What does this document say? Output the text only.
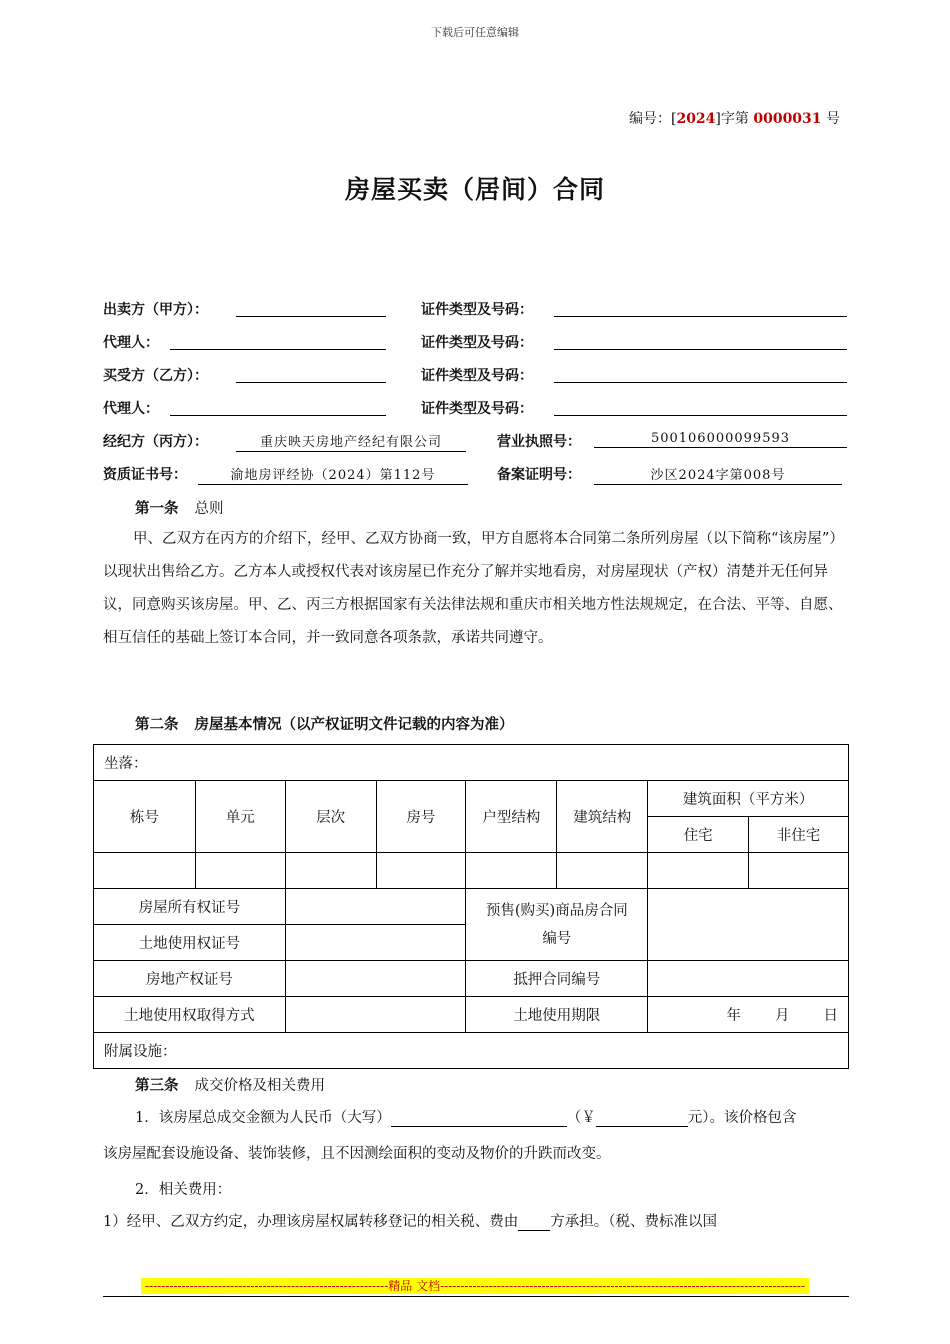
下载后可任意编辑
编号：[2024]字第 0000031 号
房屋买卖（居间）合同
出卖方（甲方）：	证件类型及号码：
代理人：	证件类型及号码：
买受方（乙方）：	证件类型及号码：
代理人：	证件类型及号码：
经纪方（丙方）：	重庆映天房地产经纪有限公司	营业执照号：	500106000099593
资质证书号：	渝地房评经协（2024）第112号	备案证明号：	沙区2024字第008号
第一条 总则
甲、乙双方在丙方的介绍下，经甲、乙双方协商一致，甲方自愿将本合同第二条所列房屋（以下简称“该房屋”）以现状出售给乙方。乙方本人或授权代表对该房屋已作充分了解并实地看房，对房屋现状（产权）清楚并无任何异议，同意购买该房屋。甲、乙、丙三方根据国家有关法律法规和重庆市相关地方性法规规定，在合法、平等、自愿、相互信任的基础上签订本合同，并一致同意各项条款，承诺共同遵守。
第二条 房屋基本情况（以产权证明文件记载的内容为准）
坐落：							
栋号	单元	层次	房号	户型结构	建筑结构	建筑面积（平方米）	
						住宅	非住宅

房屋所有权证号				预售(购买)商品房合同编号			
土地使用权证号							
房地产权证号				抵押合同编号			
土地使用权取得方式				土地使用期限		年 月 日	
附属设施：							
第三条 成交价格及相关费用
1．该房屋总成交金额为人民币（大写）	（￥	元）。该价格包含
该房屋配套设施设备、装饰装修，且不因测绘面积的变动及物价的升跌而改变。
2．相关费用：
1）经甲、乙双方约定，办理该房屋权属转移登记的相关税、费由 方承担。（税、费标准以国
------------------------------------------------------------精品 文档------------------------------------------------------------------------------------------
